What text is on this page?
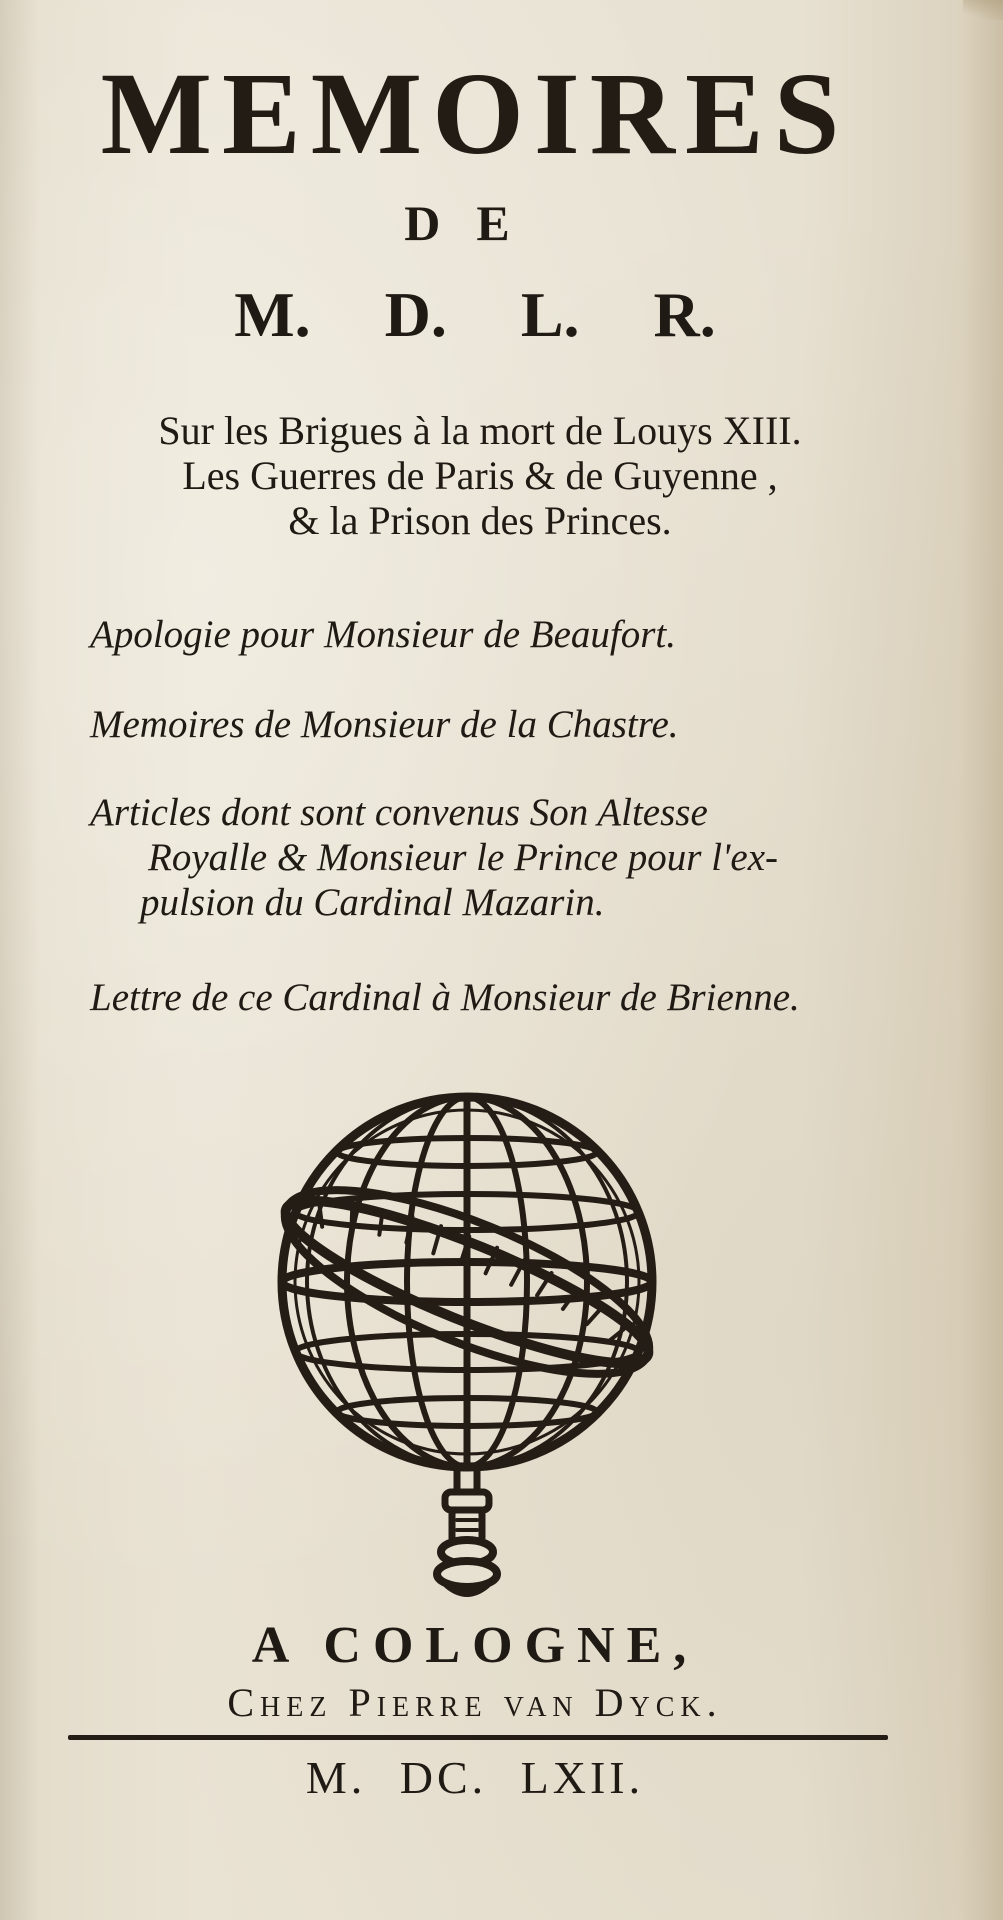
MEMOIRES
DE
M. D. L. R.
Sur les Brigues à la mort de Louys XIII.
Les Guerres de Paris & de Guyenne ,
& la Prison des Princes.
Apologie pour Monsieur de Beaufort.
Memoires de Monsieur de la Chastre.
Articles dont sont convenus Son Altesse
Royalle & Monsieur le Prince pour l'ex-
pulsion du Cardinal Mazarin.
Lettre de ce Cardinal à Monsieur de Brienne.
A COLOGNE,
Chez Pierre van Dyck.
M. DC. LXII.
